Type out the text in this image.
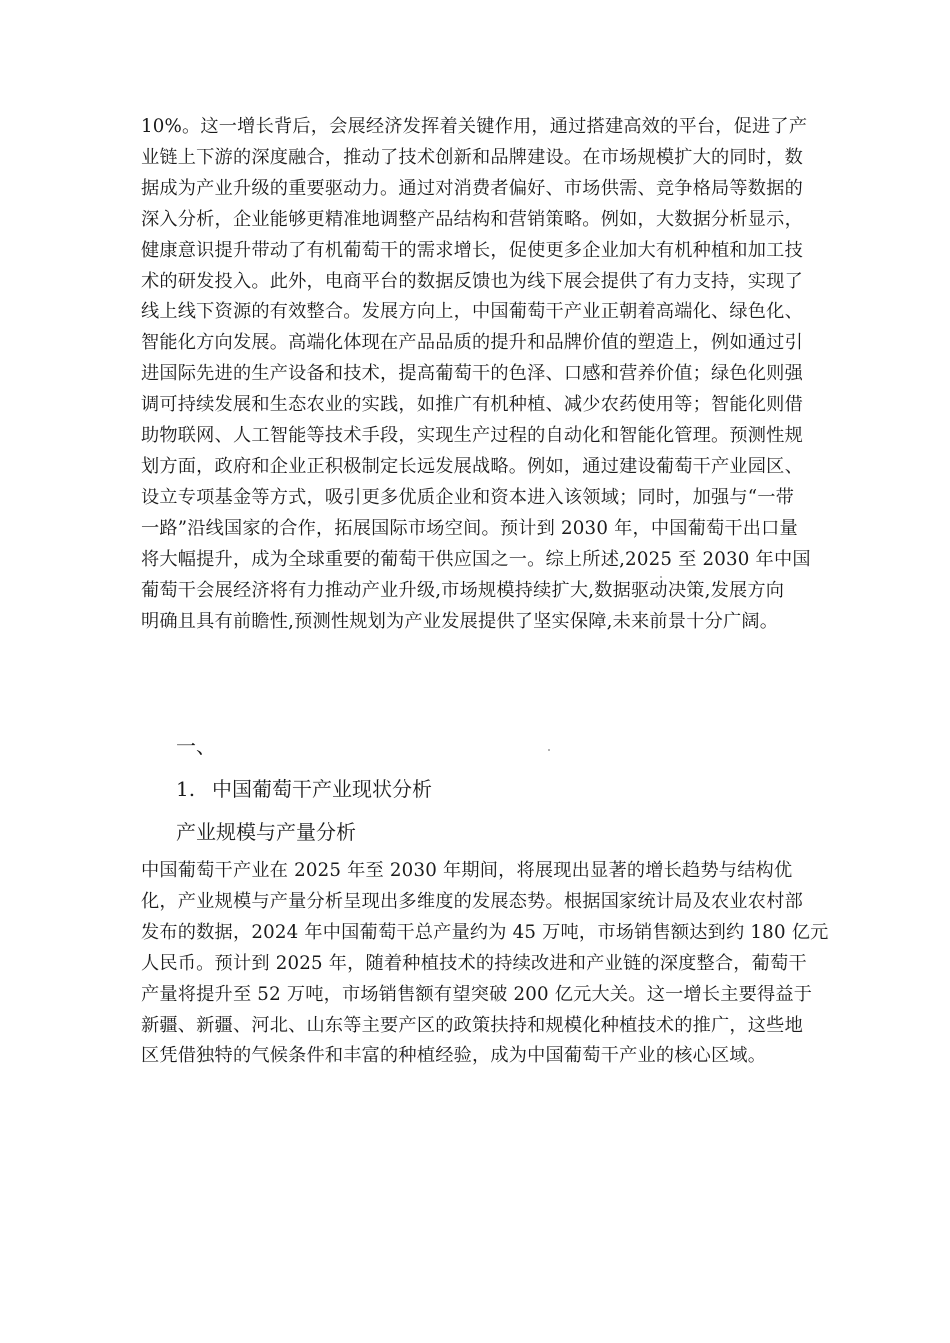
10%。这一增长背后，会展经济发挥着关键作用，通过搭建高效的平台，促进了产
业链上下游的深度融合，推动了技术创新和品牌建设。在市场规模扩大的同时，数
据成为产业升级的重要驱动力。通过对消费者偏好、市场供需、竞争格局等数据的
深入分析，企业能够更精准地调整产品结构和营销策略。例如，大数据分析显示，
健康意识提升带动了有机葡萄干的需求增长，促使更多企业加大有机种植和加工技
术的研发投入。此外，电商平台的数据反馈也为线下展会提供了有力支持，实现了
线上线下资源的有效整合。发展方向上，中国葡萄干产业正朝着高端化、绿色化、
智能化方向发展。高端化体现在产品品质的提升和品牌价值的塑造上，例如通过引
进国际先进的生产设备和技术，提高葡萄干的色泽、口感和营养价值；绿色化则强
调可持续发展和生态农业的实践，如推广有机种植、减少农药使用等；智能化则借
助物联网、人工智能等技术手段，实现生产过程的自动化和智能化管理。预测性规
划方面，政府和企业正积极制定长远发展战略。例如，通过建设葡萄干产业园区、
设立专项基金等方式，吸引更多优质企业和资本进入该领域；同时，加强与“一带
一路”沿线国家的合作，拓展国际市场空间。预计到 2030 年，中国葡萄干出口量
将大幅提升，成为全球重要的葡萄干供应国之一。综上所述,2025 至 2030 年中国
葡萄干会展经济将有力推动产业升级,市场规模持续扩大,数据驱动决策,发展方向
明确且具有前瞻性,预测性规划为产业发展提供了坚实保障,未来前景十分广阔。
一、
1. 中国葡萄干产业现状分析
产业规模与产量分析
中国葡萄干产业在 2025 年至 2030 年期间，将展现出显著的增长趋势与结构优
化，产业规模与产量分析呈现出多维度的发展态势。根据国家统计局及农业农村部
发布的数据，2024 年中国葡萄干总产量约为 45 万吨，市场销售额达到约 180 亿元
人民币。预计到 2025 年，随着种植技术的持续改进和产业链的深度整合，葡萄干
产量将提升至 52 万吨，市场销售额有望突破 200 亿元大关。这一增长主要得益于
新疆、新疆、河北、山东等主要产区的政策扶持和规模化种植技术的推广，这些地
区凭借独特的气候条件和丰富的种植经验，成为中国葡萄干产业的核心区域。
